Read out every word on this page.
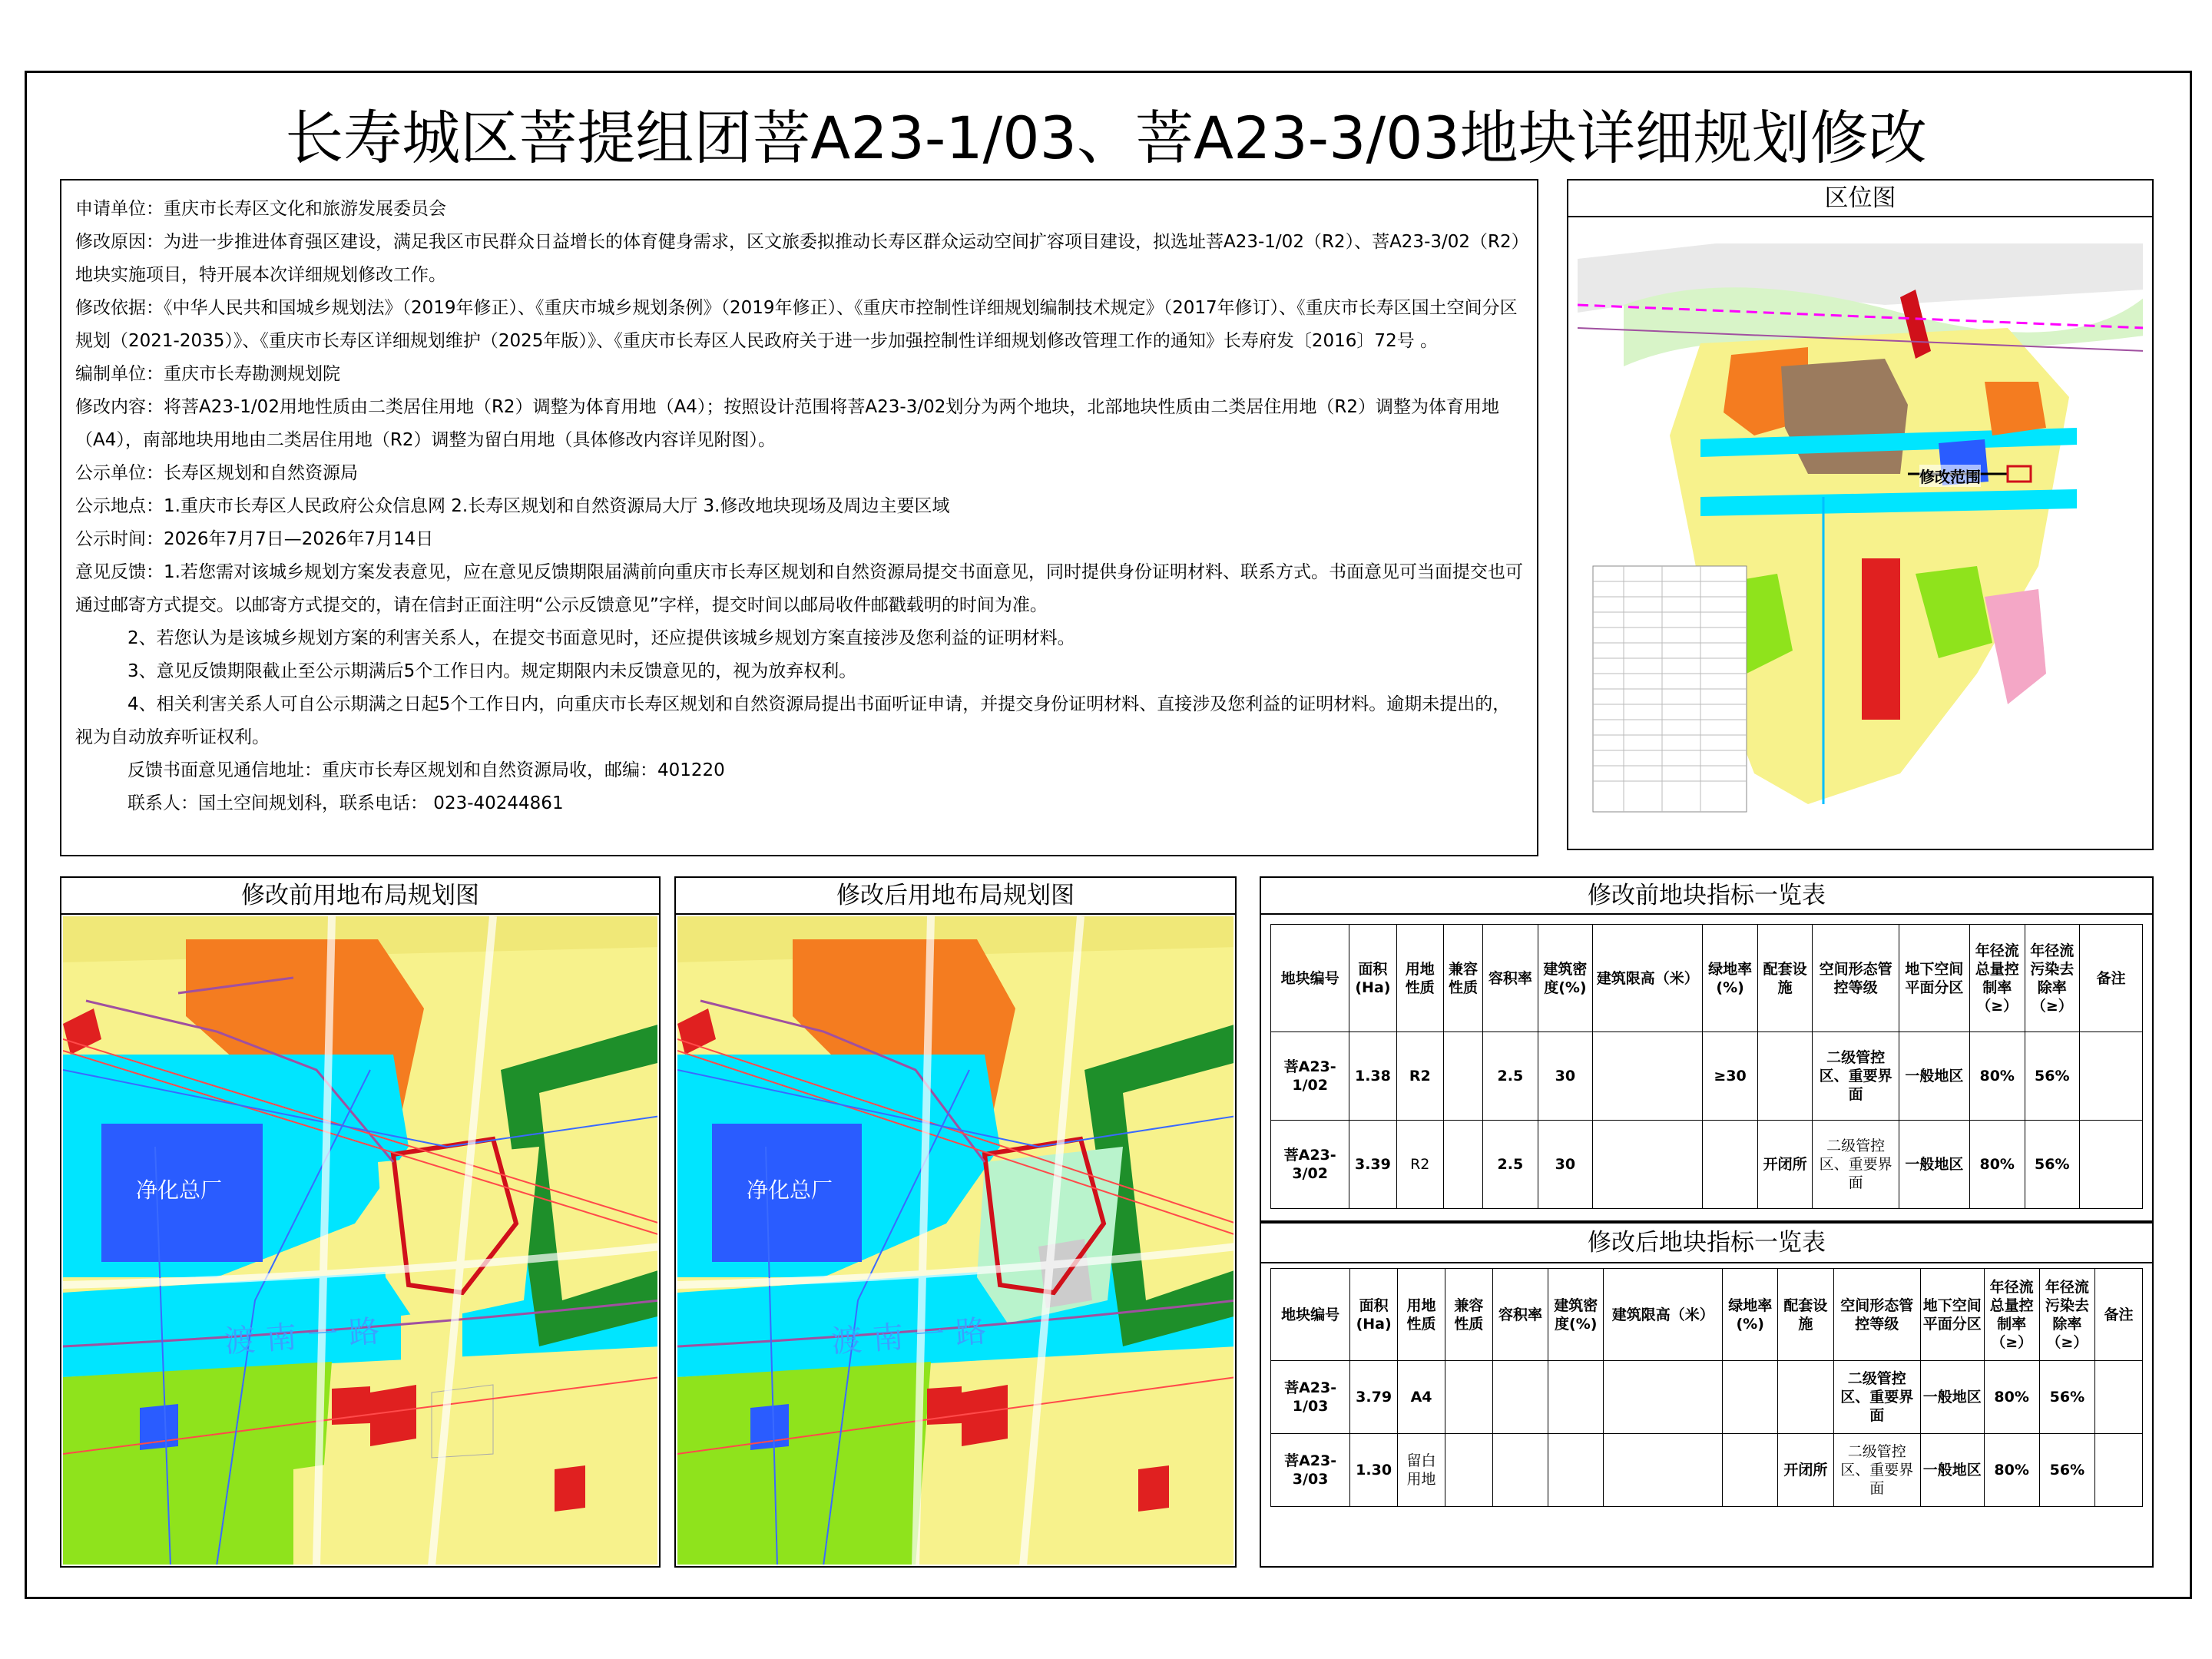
长寿城区菩提组团菩A23-1/03、菩A23-3/03地块详细规划修改

申请单位：重庆市长寿区文化和旅游发展委员会

修改原因：为进一步推进体育强区建设，满足我区市民群众日益增长的体育健身需求，区文旅委拟推动长寿区群众运动空间扩容项目建设，拟选址菩A23-1/02（R2）、菩A23-3/02（R2）地块实施项目，特开展本次详细规划修改工作。

修改依据：《中华人民共和国城乡规划法》（2019年修正）、《重庆市城乡规划条例》（2019年修正）、《重庆市控制性详细规划编制技术规定》（2017年修订）、《重庆市长寿区国土空间分区规划（2021-2035）》、《重庆市长寿区详细规划维护（2025年版）》、《重庆市长寿区人民政府关于进一步加强控制性详细规划修改管理工作的通知》长寿府发〔2016〕72号 。

编制单位：重庆市长寿勘测规划院

修改内容：将菩A23-1/02用地性质由二类居住用地（R2）调整为体育用地（A4）；按照设计范围将菩A23-3/02划分为两个地块，北部地块性质由二类居住用地（R2）调整为体育用地（A4），南部地块用地由二类居住用地（R2）调整为留白用地（具体修改内容详见附图）。

公示单位：长寿区规划和自然资源局

公示地点：1.重庆市长寿区人民政府公众信息网 2.长寿区规划和自然资源局大厅 3.修改地块现场及周边主要区域

公示时间：2026年7月7日—2026年7月14日

意见反馈：1.若您需对该城乡规划方案发表意见，应在意见反馈期限届满前向重庆市长寿区规划和自然资源局提交书面意见，同时提供身份证明材料、联系方式。书面意见可当面提交也可通过邮寄方式提交。以邮寄方式提交的，请在信封正面注明“公示反馈意见”字样，提交时间以邮局收件邮戳载明的时间为准。

2、若您认为是该城乡规划方案的利害关系人，在提交书面意见时，还应提供该城乡规划方案直接涉及您利益的证明材料。

3、意见反馈期限截止至公示期满后5个工作日内。规定期限内未反馈意见的，视为放弃权利。

4、相关利害关系人可自公示期满之日起5个工作日内，向重庆市长寿区规划和自然资源局提出书面听证申请，并提交身份证明材料、直接涉及您利益的证明材料。逾期未提出的，视为自动放弃听证权利。

反馈书面意见通信地址：重庆市长寿区规划和自然资源局收，邮编：401220

联系人：国土空间规划科，联系电话： 023-40244861

区位图
修改范围
修改前用地布局规划图
净化总厂
渡南一路
修改后用地布局规划图
净化总厂
渡南一路
修改前地块指标一览表
地块编号	面积(Ha)	用地性质	兼容性质	容积率	建筑密度(%)	建筑限高（米）	绿地率(%)	配套设施	空间形态管控等级	地下空间平面分区	年径流总量控制率（≥）	年径流污染去除率（≥）	备注
菩A23-1/02	1.38	R2		2.5	30		≥30		二级管控区、重要界面	一般地区	80%	56%	
菩A23-3/02	3.39	R2		2.5	30			开闭所	二级管控区、重要界面	一般地区	80%	56%	
修改后地块指标一览表
地块编号	面积(Ha)	用地性质	兼容性质	容积率	建筑密度(%)	建筑限高（米）	绿地率(%)	配套设施	空间形态管控等级	地下空间平面分区	年径流总量控制率（≥）	年径流污染去除率（≥）	备注
菩A23-1/03	3.79	A4							二级管控区、重要界面	一般地区	80%	56%	
菩A23-3/03	1.30	留白用地						开闭所	二级管控区、重要界面	一般地区	80%	56%	
